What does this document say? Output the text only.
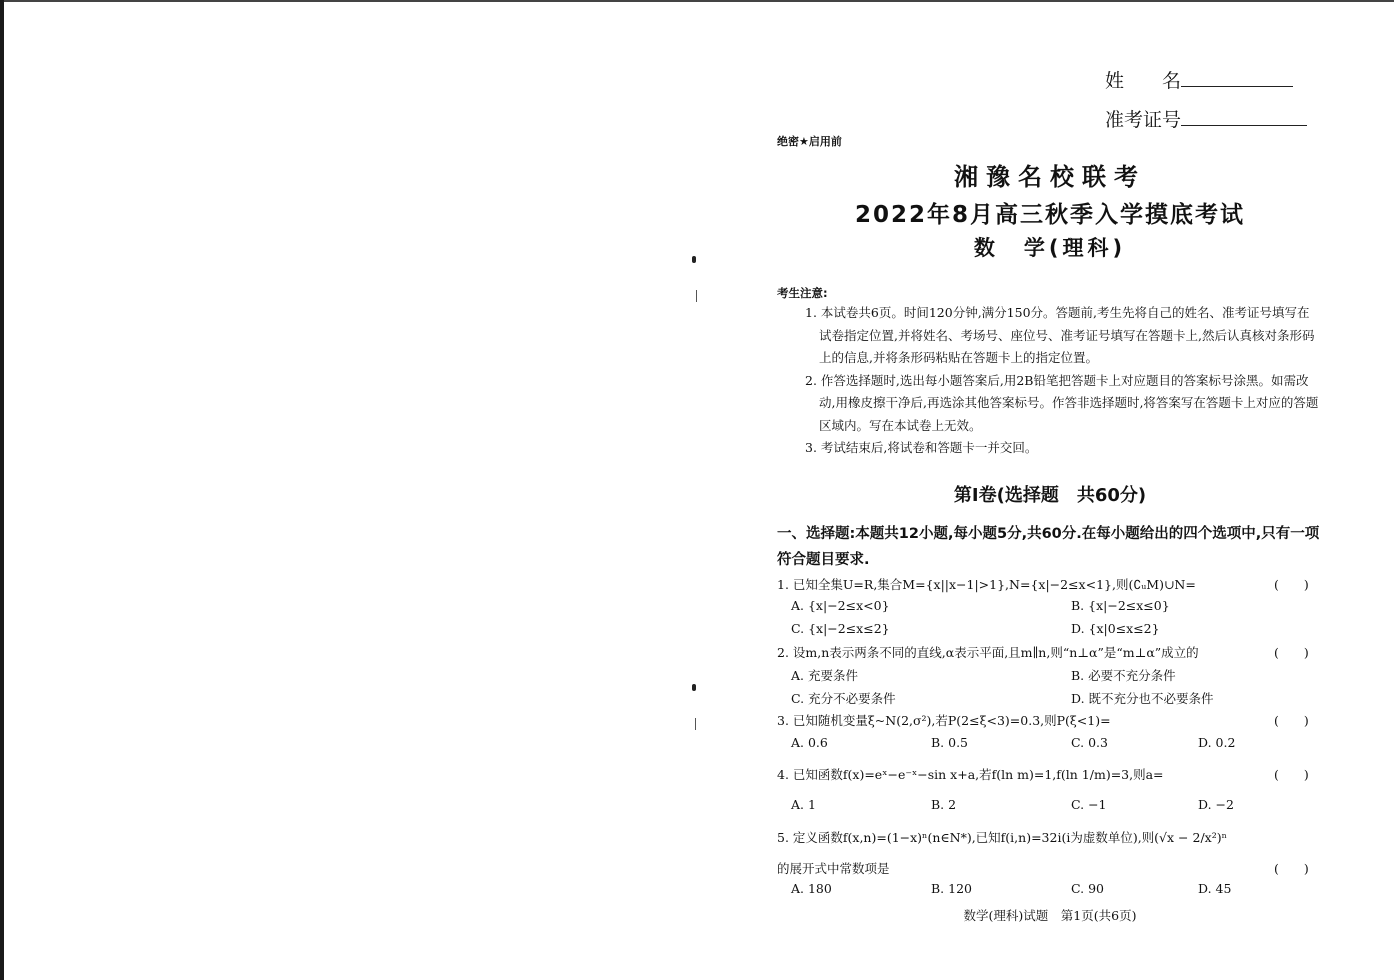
姓　　名
准考证号
绝密★启用前
湘豫名校联考
2022年8月高三秋季入学摸底考试
数　学(理科)
考生注意:
1. 本试卷共6页。时间120分钟,满分150分。答题前,考生先将自己的姓名、准考证号填写在试卷指定位置,并将姓名、考场号、座位号、准考证号填写在答题卡上,然后认真核对条形码上的信息,并将条形码粘贴在答题卡上的指定位置。
2. 作答选择题时,选出每小题答案后,用2B铅笔把答题卡上对应题目的答案标号涂黑。如需改动,用橡皮擦干净后,再选涂其他答案标号。作答非选择题时,将答案写在答题卡上对应的答题区域内。写在本试卷上无效。
3. 考试结束后,将试卷和答题卡一并交回。
第Ⅰ卷(选择题　共60分)
一、选择题:本题共12小题,每小题5分,共60分.在每小题给出的四个选项中,只有一项符合题目要求.
1. 已知全集U=R,集合M={x||x−1|>1},N={x|−2≤x<1},则(∁ᵤM)∪N=	(　　)
A. {x|−2≤x<0}	B. {x|−2≤x≤0}
C. {x|−2≤x≤2}	D. {x|0≤x≤2}
2. 设m,n表示两条不同的直线,α表示平面,且m∥n,则“n⊥α”是“m⊥α”成立的	(　　)
A. 充要条件	B. 必要不充分条件
C. 充分不必要条件	D. 既不充分也不必要条件
3. 已知随机变量ξ~N(2,σ²),若P(2≤ξ<3)=0.3,则P(ξ<1)=	(　　)
A. 0.6	B. 0.5	C. 0.3	D. 0.2
4. 已知函数f(x)=eˣ−e⁻ˣ−sin x+a,若f(ln m)=1,f(ln 1/m)=3,则a=	(　　)
A. 1	B. 2	C. −1	D. −2
5. 定义函数f(x,n)=(1−x)ⁿ(n∈N*),已知f(i,n)=32i(i为虚数单位),则(√x − 2/x²)ⁿ
的展开式中常数项是	(　　)
A. 180	B. 120	C. 90	D. 45
数学(理科)试题　第1页(共6页)
